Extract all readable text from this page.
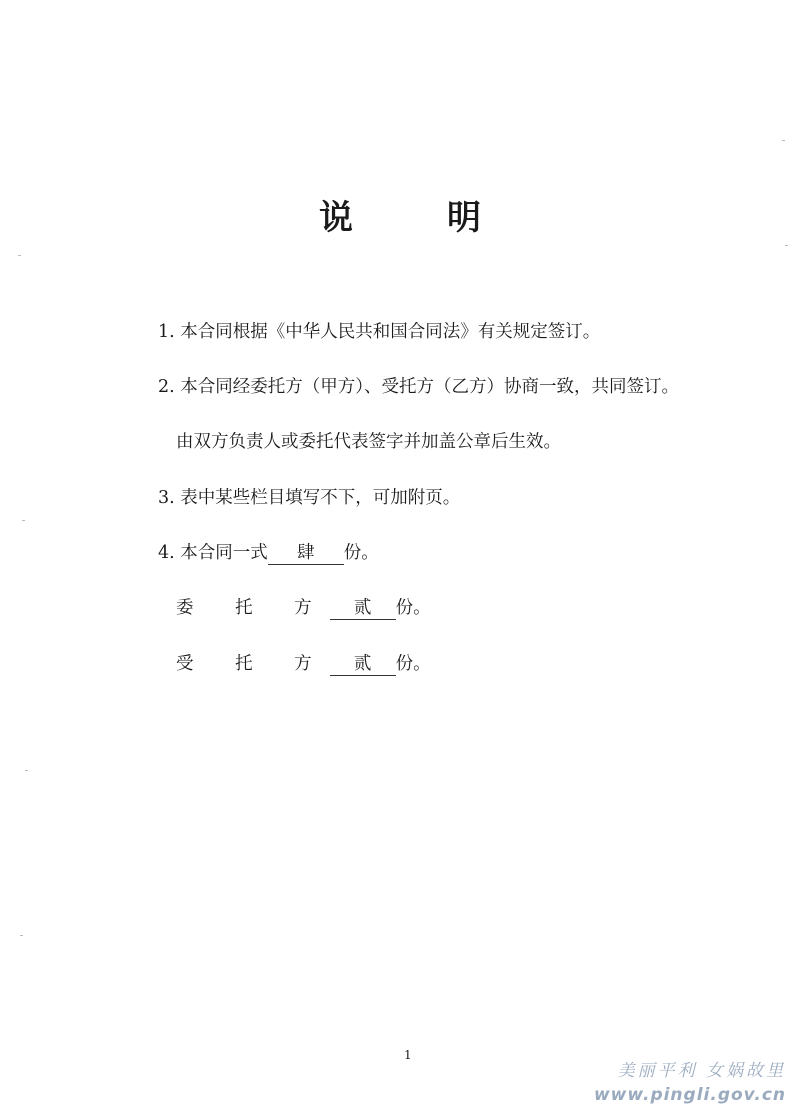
说　明
1. 本合同根据《中华人民共和国合同法》有关规定签订。
2. 本合同经委托方（甲方）、受托方（乙方）协商一致，共同签订。
由双方负责人或委托代表签字并加盖公章后生效。
3. 表中某些栏目填写不下，可加附页。
4. 本合同一式 肆 份。
委 托 方 贰 份。
受 托 方 贰 份。
1
美丽平利 女娲故里
www.pingli.gov.cn
